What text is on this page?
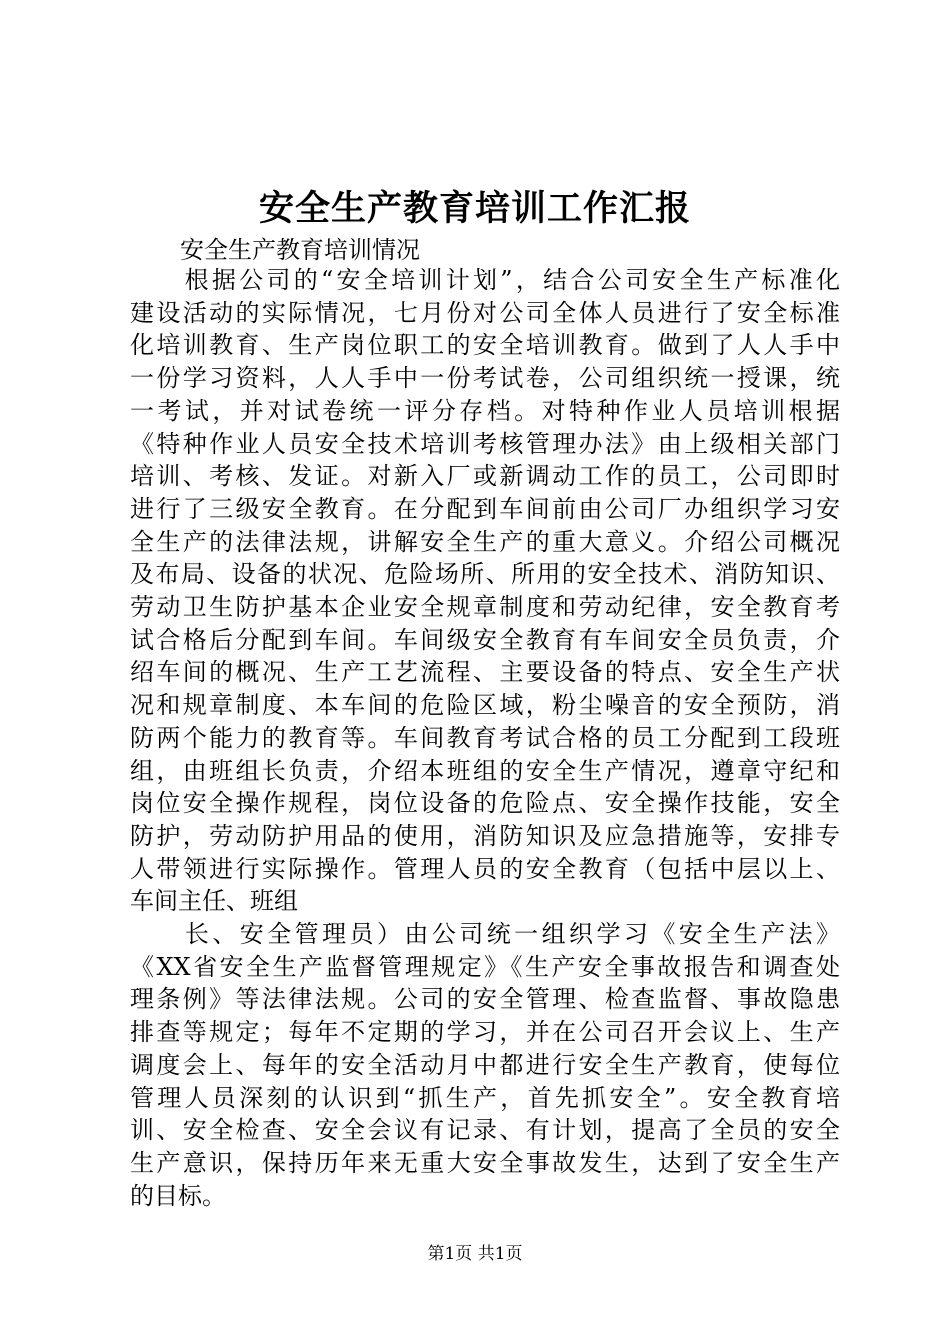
安全生产教育培训工作汇报
安全生产教育培训情况
　　根据公司的“安全培训计划”，结合公司安全生产标准化
建设活动的实际情况，七月份对公司全体人员进行了安全标准
化培训教育、生产岗位职工的安全培训教育。做到了人人手中
一份学习资料，人人手中一份考试卷，公司组织统一授课，统
一考试，并对试卷统一评分存档。对特种作业人员培训根据
《特种作业人员安全技术培训考核管理办法》由上级相关部门
培训、考核、发证。对新入厂或新调动工作的员工，公司即时
进行了三级安全教育。在分配到车间前由公司厂办组织学习安
全生产的法律法规，讲解安全生产的重大意义。介绍公司概况
及布局、设备的状况、危险场所、所用的安全技术、消防知识、
劳动卫生防护基本企业安全规章制度和劳动纪律，安全教育考
试合格后分配到车间。车间级安全教育有车间安全员负责，介
绍车间的概况、生产工艺流程、主要设备的特点、安全生产状
况和规章制度、本车间的危险区域，粉尘噪音的安全预防，消
防两个能力的教育等。车间教育考试合格的员工分配到工段班
组，由班组长负责，介绍本班组的安全生产情况，遵章守纪和
岗位安全操作规程，岗位设备的危险点、安全操作技能，安全
防护，劳动防护用品的使用，消防知识及应急措施等，安排专
人带领进行实际操作。管理人员的安全教育（包括中层以上、
车间主任、班组
　　长、安全管理员）由公司统一组织学习《安全生产法》
《XX省安全生产监督管理规定》《生产安全事故报告和调查处
理条例》等法律法规。公司的安全管理、检查监督、事故隐患
排查等规定；每年不定期的学习，并在公司召开会议上、生产
调度会上、每年的安全活动月中都进行安全生产教育，使每位
管理人员深刻的认识到“抓生产，首先抓安全”。安全教育培
训、安全检查、安全会议有记录、有计划，提高了全员的安全
生产意识，保持历年来无重大安全事故发生，达到了安全生产
的目标。
第1页 共1页
